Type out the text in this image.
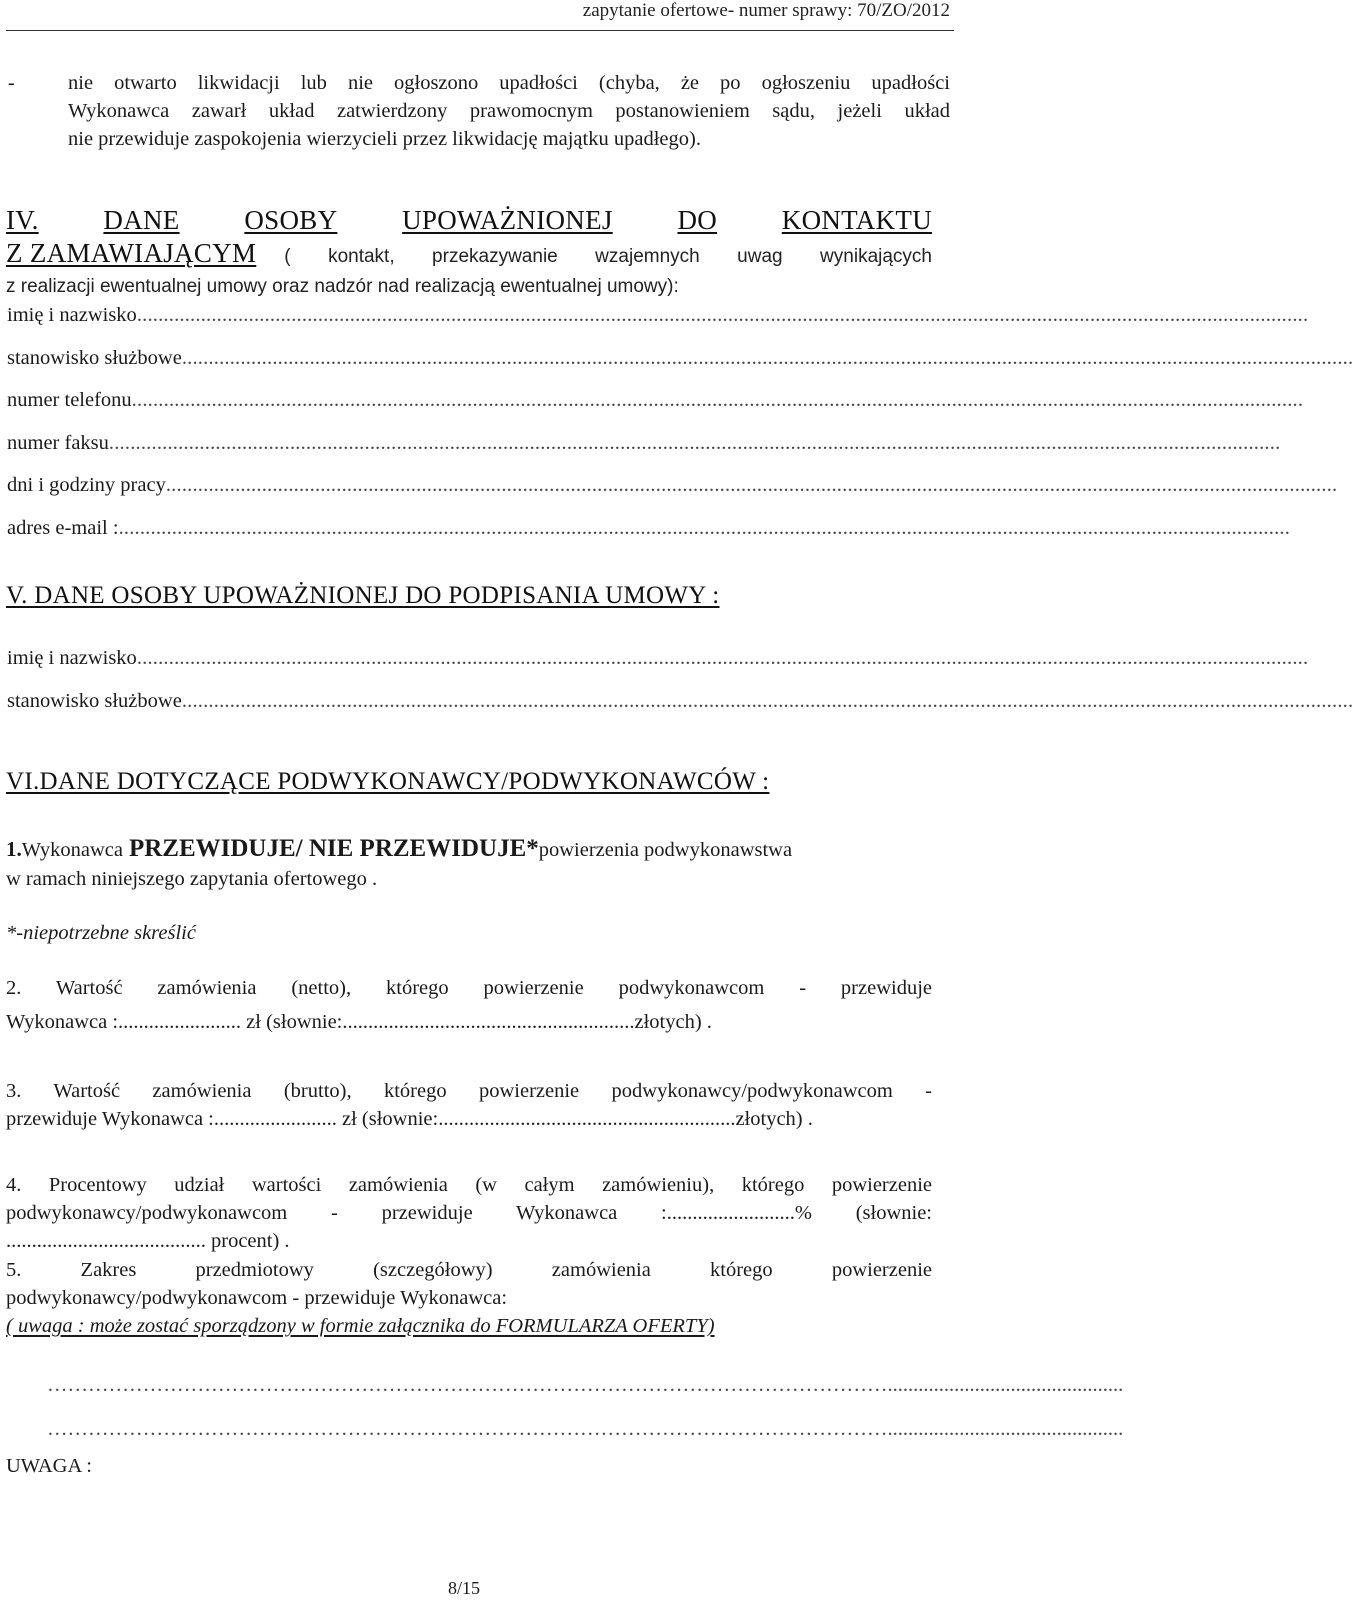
zapytanie ofertowe- numer sprawy: 70/ZO/2012
-	nie otwarto likwidacji lub nie ogłoszono upadłości (chyba, że po ogłoszeniu upadłości
Wykonawca zawarł układ zatwierdzony prawomocnym postanowieniem sądu, jeżeli układ
nie przewiduje zaspokojenia wierzycieli przez likwidację majątku upadłego).
IV. DANE OSOBY UPOWAŻNIONEJ DO KONTAKTU
Z ZAMAWIAJĄCYM ( kontakt, przekazywanie wzajemnych uwag wynikających
z realizacji ewentualnej umowy oraz nadzór nad realizacją ewentualnej umowy):
imię i nazwisko ............................................................................................................................................................................................................................
stanowisko służbowe ............................................................................................................................................................................................................................
numer telefonu ............................................................................................................................................................................................................................
numer faksu ............................................................................................................................................................................................................................
dni i godziny pracy ............................................................................................................................................................................................................................
adres e-mail : ............................................................................................................................................................................................................................
V. DANE OSOBY UPOWAŻNIONEJ DO PODPISANIA UMOWY :
imię i nazwisko ............................................................................................................................................................................................................................
stanowisko służbowe ............................................................................................................................................................................................................................
VI.DANE DOTYCZĄCE PODWYKONAWCY/PODWYKONAWCÓW :
1. Wykonawca PRZEWIDUJE/ NIE PRZEWIDUJE* powierzenia podwykonawstwa
w ramach niniejszego zapytania ofertowego .
*-niepotrzebne skreślić
2. Wartość zamówienia (netto), którego powierzenie podwykonawcom - przewiduje
Wykonawca :........................ zł (słownie:.........................................................złotych) .
3. Wartość zamówienia (brutto), którego powierzenie podwykonawcy/podwykonawcom -
przewiduje Wykonawca :........................ zł (słownie:..........................................................złotych) .
4. Procentowy udział wartości zamówienia (w całym zamówieniu), którego powierzenie
podwykonawcy/podwykonawcom - przewiduje Wykonawca :.........................% (słownie:
....................................... procent) .
5. Zakres przedmiotowy (szczegółowy) zamówienia którego powierzenie
podwykonawcy/podwykonawcom - przewiduje Wykonawca:
( uwaga : może zostać sporządzony w formie załącznika do FORMULARZA OFERTY)
……………………………………………………………………………………………………………..............................................
……………………………………………………………………………………………………………..............................................
UWAGA :
8/15
